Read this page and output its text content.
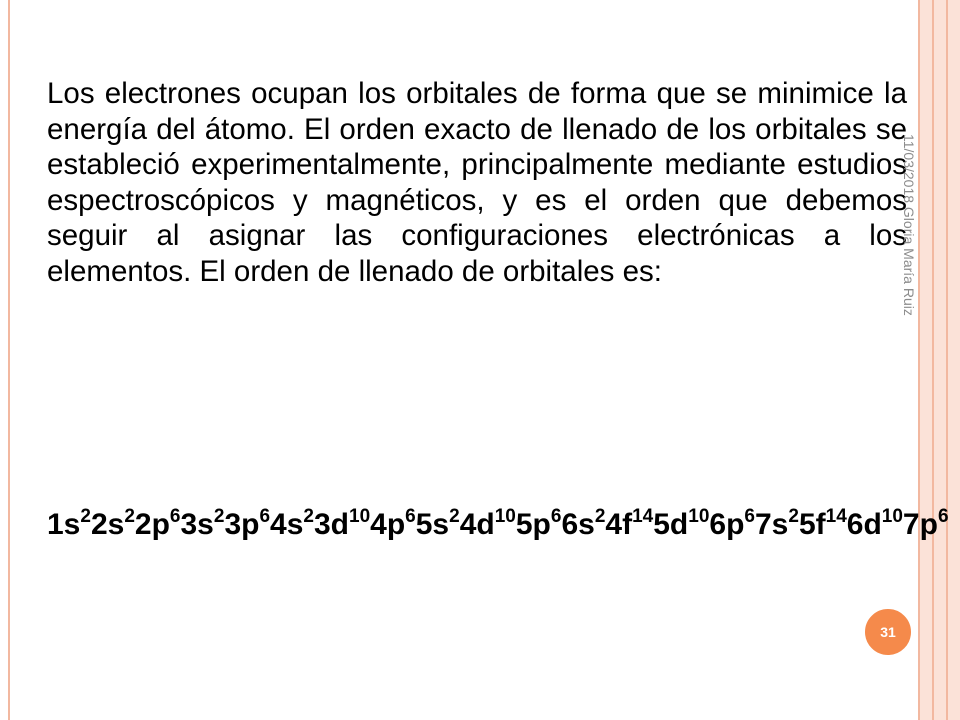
Los electrones ocupan los orbitales de forma que se minimice la energía del átomo. El orden exacto de llenado de los orbitales se estableció experimentalmente, principalmente mediante estudios espectroscópicos y magnéticos, y es el orden que debemos seguir al asignar las configuraciones electrónicas a los elementos. El orden de llenado de orbitales es:

$1s^22s^22p^63s^23p^64s^23d^{10}4p^65s^24d^{10}5p^66s^24f^{14}5d^{10}6p^67s^25f^{14}6d^{10}7p^6$
11/03/2018 Gloria María Ruiz
31
